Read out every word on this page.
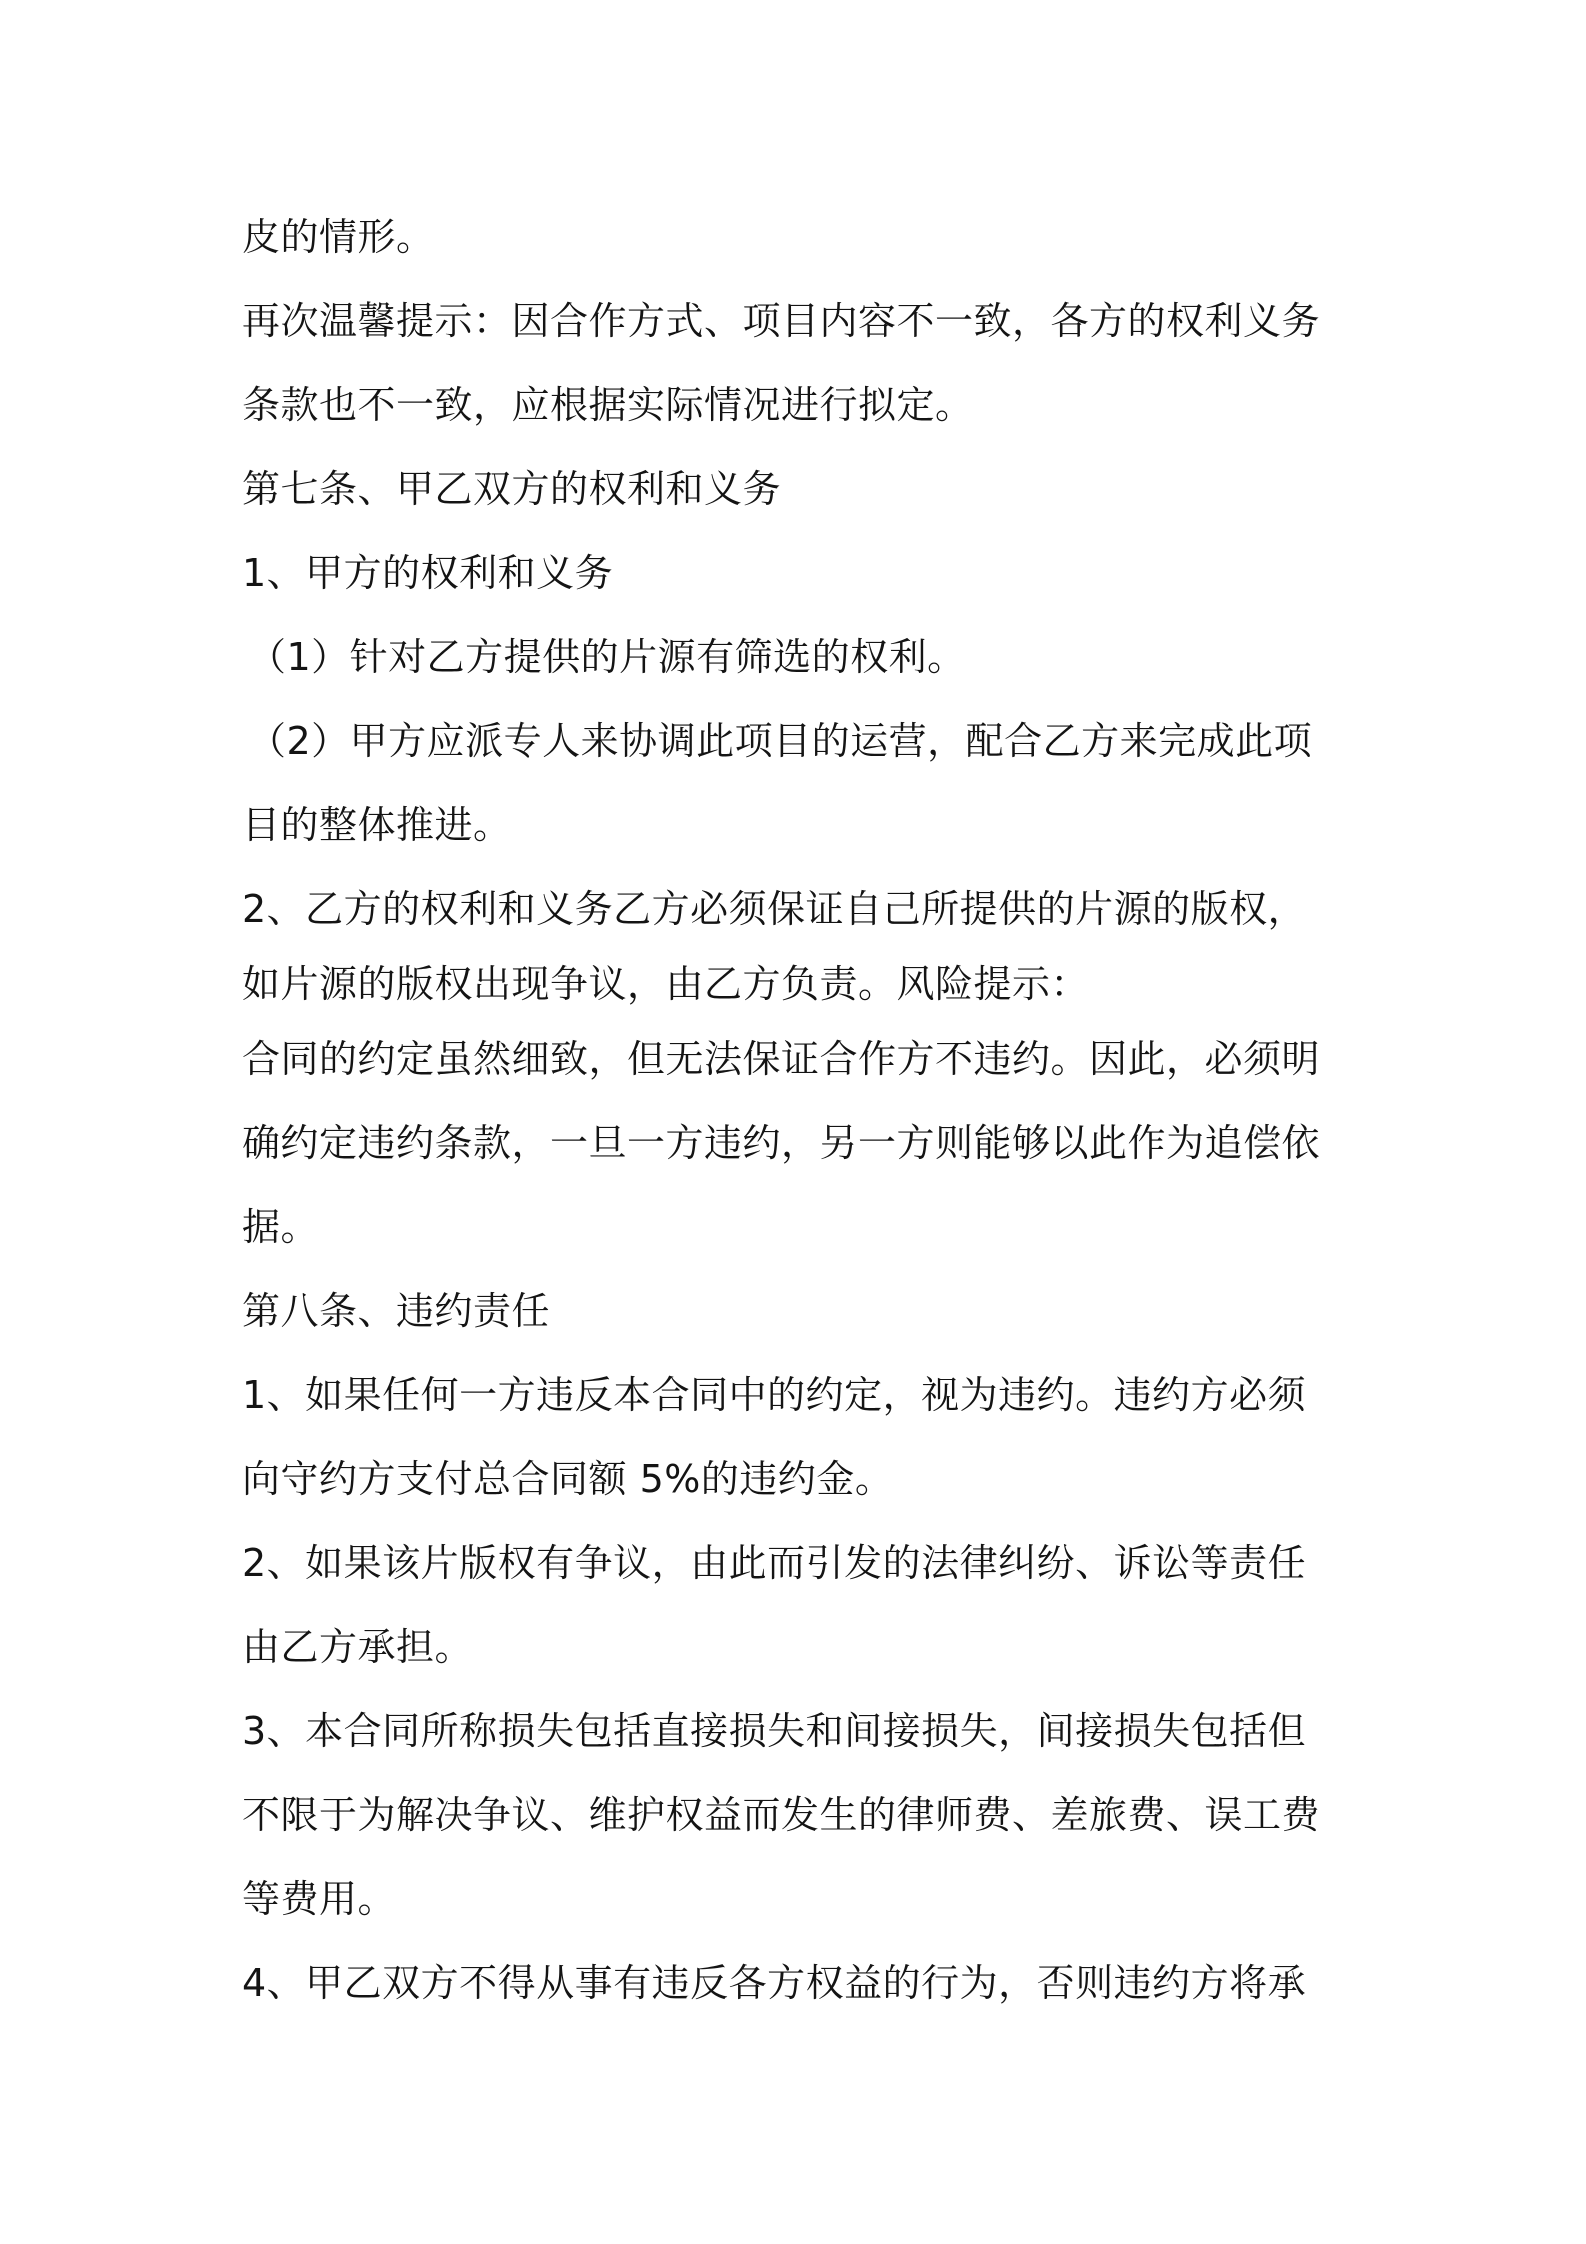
皮的情形。
再次温馨提示：因合作方式、项目内容不一致，各方的权利义务
条款也不一致，应根据实际情况进行拟定。
第七条、甲乙双方的权利和义务
1、甲方的权利和义务
（1）针对乙方提供的片源有筛选的权利。
（2）甲方应派专人来协调此项目的运营，配合乙方来完成此项
目的整体推进。
2、乙方的权利和义务乙方必须保证自己所提供的片源的版权，
如片源的版权出现争议，由乙方负责。风险提示：
合同的约定虽然细致，但无法保证合作方不违约。因此，必须明
确约定违约条款，一旦一方违约，另一方则能够以此作为追偿依
据。
第八条、违约责任
1、如果任何一方违反本合同中的约定，视为违约。违约方必须
向守约方支付总合同额 5%的违约金。
2、如果该片版权有争议，由此而引发的法律纠纷、诉讼等责任
由乙方承担。
3、本合同所称损失包括直接损失和间接损失，间接损失包括但
不限于为解决争议、维护权益而发生的律师费、差旅费、误工费
等费用。
4、甲乙双方不得从事有违反各方权益的行为，否则违约方将承
